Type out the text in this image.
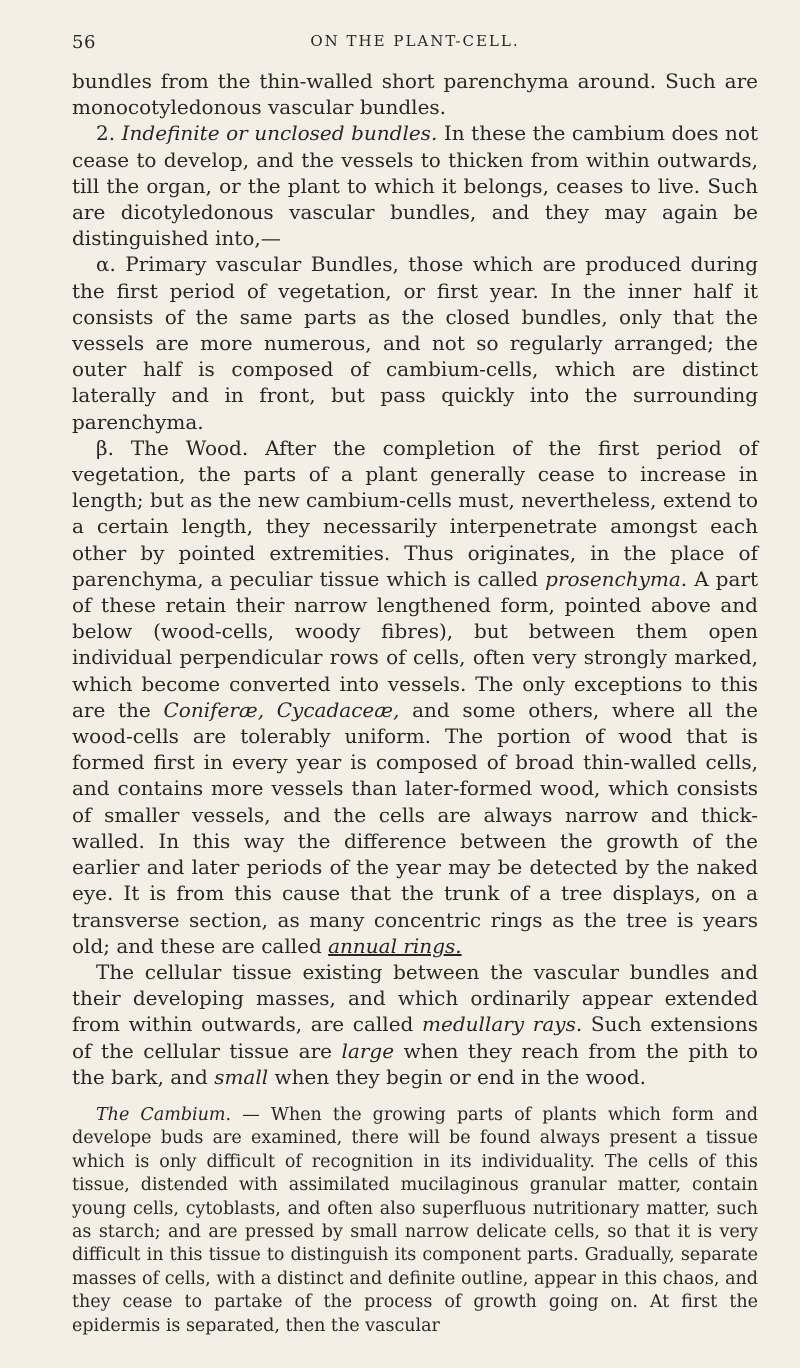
56	ON THE PLANT-CELL.

bundles from the thin-walled short parenchyma around. Such are monocotyledonous vascular bundles.

2. Indefinite or unclosed bundles. In these the cambium does not cease to develop, and the vessels to thicken from within outwards, till the organ, or the plant to which it belongs, ceases to live. Such are dicotyledonous vascular bundles, and they may again be distinguished into,—

α. Primary vascular Bundles, those which are produced during the first period of vegetation, or first year. In the inner half it consists of the same parts as the closed bundles, only that the vessels are more numerous, and not so regularly arranged; the outer half is composed of cambium-cells, which are distinct laterally and in front, but pass quickly into the surrounding parenchyma.

β. The Wood. After the completion of the first period of vegetation, the parts of a plant generally cease to increase in length; but as the new cambium-cells must, nevertheless, extend to a certain length, they necessarily interpenetrate amongst each other by pointed extremities. Thus originates, in the place of parenchyma, a peculiar tissue which is called prosenchyma. A part of these retain their narrow lengthened form, pointed above and below (wood-cells, woody fibres), but between them open individual perpendicular rows of cells, often very strongly marked, which become converted into vessels. The only exceptions to this are the Coniferæ, Cycadaceæ, and some others, where all the wood-cells are tolerably uniform. The portion of wood that is formed first in every year is composed of broad thin-walled cells, and contains more vessels than later-formed wood, which consists of smaller vessels, and the cells are always narrow and thick-walled. In this way the difference between the growth of the earlier and later periods of the year may be detected by the naked eye. It is from this cause that the trunk of a tree displays, on a transverse section, as many concentric rings as the tree is years old; and these are called annual rings.

The cellular tissue existing between the vascular bundles and their developing masses, and which ordinarily appear extended from within outwards, are called medullary rays. Such extensions of the cellular tissue are large when they reach from the pith to the bark, and small when they begin or end in the wood.

The Cambium. — When the growing parts of plants which form and develope buds are examined, there will be found always present a tissue which is only difficult of recognition in its individuality. The cells of this tissue, distended with assimilated mucilaginous granular matter, contain young cells, cytoblasts, and often also superfluous nutritionary matter, such as starch; and are pressed by small narrow delicate cells, so that it is very difficult in this tissue to distinguish its component parts. Gradually, separate masses of cells, with a distinct and definite outline, appear in this chaos, and they cease to partake of the process of growth going on. At first the epidermis is separated, then the vascular
